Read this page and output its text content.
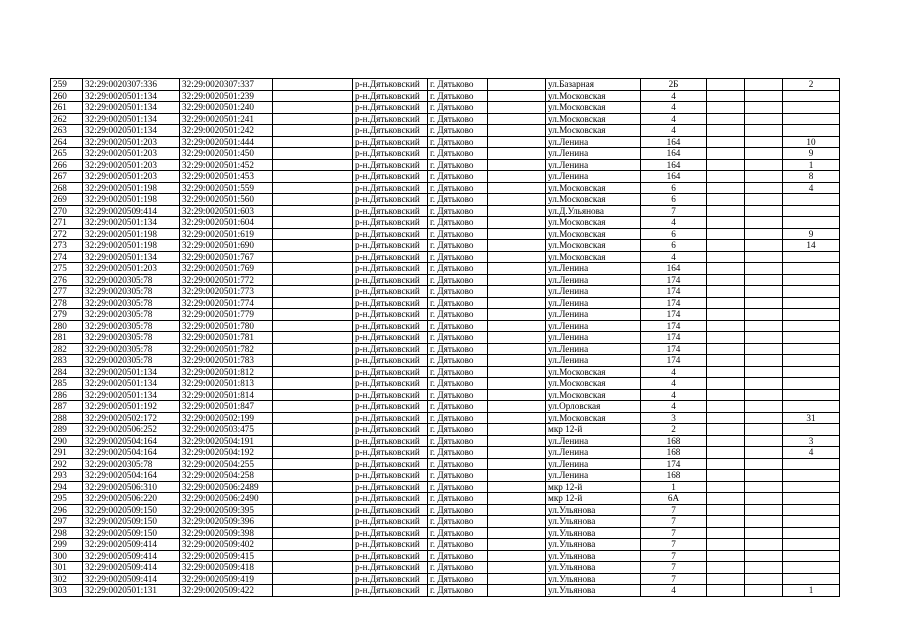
259	32:29:0020307:336	32:29:0020307:337		р-н.Дятьковский	г. Дятьково		ул.Базарная	2Б			2
260	32:29:0020501:134	32:29:0020501:239		р-н.Дятьковский	г. Дятьково		ул.Московская	4			
261	32:29:0020501:134	32:29:0020501:240		р-н.Дятьковский	г. Дятьково		ул.Московская	4			
262	32:29:0020501:134	32:29:0020501:241		р-н.Дятьковский	г. Дятьково		ул.Московская	4			
263	32:29:0020501:134	32:29:0020501:242		р-н.Дятьковский	г. Дятьково		ул.Московская	4			
264	32:29:0020501:203	32:29:0020501:444		р-н.Дятьковский	г. Дятьково		ул.Ленина	164			10
265	32:29:0020501:203	32:29:0020501:450		р-н.Дятьковский	г. Дятьково		ул.Ленина	164			9
266	32:29:0020501:203	32:29:0020501:452		р-н.Дятьковский	г. Дятьково		ул.Ленина	164			1
267	32:29:0020501:203	32:29:0020501:453		р-н.Дятьковский	г. Дятьково		ул.Ленина	164			8
268	32:29:0020501:198	32:29:0020501:559		р-н.Дятьковский	г. Дятьково		ул.Московская	6			4
269	32:29:0020501:198	32:29:0020501:560		р-н.Дятьковский	г. Дятьково		ул.Московская	6			
270	32:29:0020509:414	32:29:0020501:603		р-н.Дятьковский	г. Дятьково		ул.Д.Ульянова	7			
271	32:29:0020501:134	32:29:0020501:604		р-н.Дятьковский	г. Дятьково		ул.Московская	4			
272	32:29:0020501:198	32:29:0020501:619		р-н.Дятьковский	г. Дятьково		ул.Московская	6			9
273	32:29:0020501:198	32:29:0020501:690		р-н.Дятьковский	г. Дятьково		ул.Московская	6			14
274	32:29:0020501:134	32:29:0020501:767		р-н.Дятьковский	г. Дятьково		ул.Московская	4			
275	32:29:0020501:203	32:29:0020501:769		р-н.Дятьковский	г. Дятьково		ул.Ленина	164			
276	32:29:0020305:78	32:29:0020501:772		р-н.Дятьковский	г. Дятьково		ул.Ленина	174			
277	32:29:0020305:78	32:29:0020501:773		р-н.Дятьковский	г. Дятьково		ул.Ленина	174			
278	32:29:0020305:78	32:29:0020501:774		р-н.Дятьковский	г. Дятьково		ул.Ленина	174			
279	32:29:0020305:78	32:29:0020501:779		р-н.Дятьковский	г. Дятьково		ул.Ленина	174			
280	32:29:0020305:78	32:29:0020501:780		р-н.Дятьковский	г. Дятьково		ул.Ленина	174			
281	32:29:0020305:78	32:29:0020501:781		р-н.Дятьковский	г. Дятьково		ул.Ленина	174			
282	32:29:0020305:78	32:29:0020501:782		р-н.Дятьковский	г. Дятьково		ул.Ленина	174			
283	32:29:0020305:78	32:29:0020501:783		р-н.Дятьковский	г. Дятьково		ул.Ленина	174			
284	32:29:0020501:134	32:29:0020501:812		р-н.Дятьковский	г. Дятьково		ул.Московская	4			
285	32:29:0020501:134	32:29:0020501:813		р-н.Дятьковский	г. Дятьково		ул.Московская	4			
286	32:29:0020501:134	32:29:0020501:814		р-н.Дятьковский	г. Дятьково		ул.Московская	4			
287	32:29:0020501:192	32:29:0020501:847		р-н.Дятьковский	г. Дятьково		ул.Орловская	4			
288	32:29:0020502:172	32:29:0020502:199		р-н.Дятьковский	г. Дятьково		ул.Московская	3			31
289	32:29:0020506:252	32:29:0020503:475		р-н.Дятьковский	г. Дятьково		мкр 12-й	2			
290	32:29:0020504:164	32:29:0020504:191		р-н.Дятьковский	г. Дятьково		ул.Ленина	168			3
291	32:29:0020504:164	32:29:0020504:192		р-н.Дятьковский	г. Дятьково		ул.Ленина	168			4
292	32:29:0020305:78	32:29:0020504:255		р-н.Дятьковский	г. Дятьково		ул.Ленина	174			
293	32:29:0020504:164	32:29:0020504:258		р-н.Дятьковский	г. Дятьково		ул.Ленина	168			
294	32:29:0020506:310	32:29:0020506:2489		р-н.Дятьковский	г. Дятьково		мкр 12-й	1			
295	32:29:0020506:220	32:29:0020506:2490		р-н.Дятьковский	г. Дятьково		мкр 12-й	6А			
296	32:29:0020509:150	32:29:0020509:395		р-н.Дятьковский	г. Дятьково		ул.Ульянова	7			
297	32:29:0020509:150	32:29:0020509:396		р-н.Дятьковский	г. Дятьково		ул.Ульянова	7			
298	32:29:0020509:150	32:29:0020509:398		р-н.Дятьковский	г. Дятьково		ул.Ульянова	7			
299	32:29:0020509:414	32:29:0020509:402		р-н.Дятьковский	г. Дятьково		ул.Ульянова	7			
300	32:29:0020509:414	32:29:0020509:415		р-н.Дятьковский	г. Дятьково		ул.Ульянова	7			
301	32:29:0020509:414	32:29:0020509:418		р-н.Дятьковский	г. Дятьково		ул.Ульянова	7			
302	32:29:0020509:414	32:29:0020509:419		р-н.Дятьковский	г. Дятьково		ул.Ульянова	7			
303	32:29:0020501:131	32:29:0020509:422		р-н.Дятьковский	г. Дятьково		ул.Ульянова	4			1
